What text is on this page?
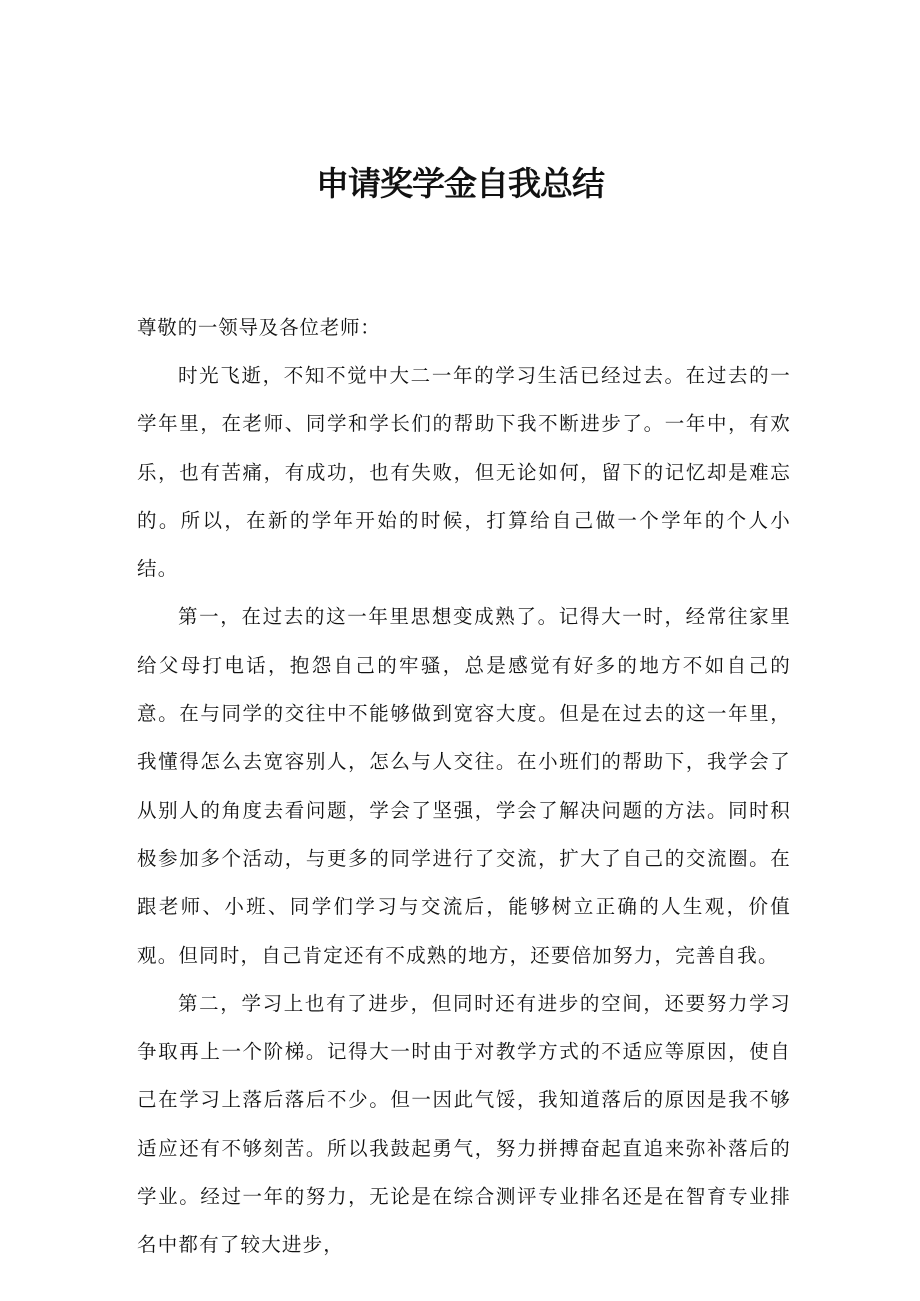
申请奖学金自我总结

尊敬的一领导及各位老师：

时光飞逝，不知不觉中大二一年的学习生活已经过去。在过去的一学年里，在老师、同学和学长们的帮助下我不断进步了。一年中，有欢乐，也有苦痛，有成功，也有失败，但无论如何，留下的记忆却是难忘的。所以，在新的学年开始的时候，打算给自己做一个学年的个人小结。

第一，在过去的这一年里思想变成熟了。记得大一时，经常往家里给父母打电话，抱怨自己的牢骚，总是感觉有好多的地方不如自己的意。在与同学的交往中不能够做到宽容大度。但是在过去的这一年里，我懂得怎么去宽容别人，怎么与人交往。在小班们的帮助下，我学会了从别人的角度去看问题，学会了坚强，学会了解决问题的方法。同时积极参加多个活动，与更多的同学进行了交流，扩大了自己的交流圈。在跟老师、小班、同学们学习与交流后，能够树立正确的人生观，价值观。但同时，自己肯定还有不成熟的地方，还要倍加努力，完善自我。

第二，学习上也有了进步，但同时还有进步的空间，还要努力学习争取再上一个阶梯。记得大一时由于对教学方式的不适应等原因，使自己在学习上落后落后不少。但一因此气馁，我知道落后的原因是我不够适应还有不够刻苦。所以我鼓起勇气，努力拼搏奋起直追来弥补落后的学业。经过一年的努力，无论是在综合测评专业排名还是在智育专业排名中都有了较大进步，
